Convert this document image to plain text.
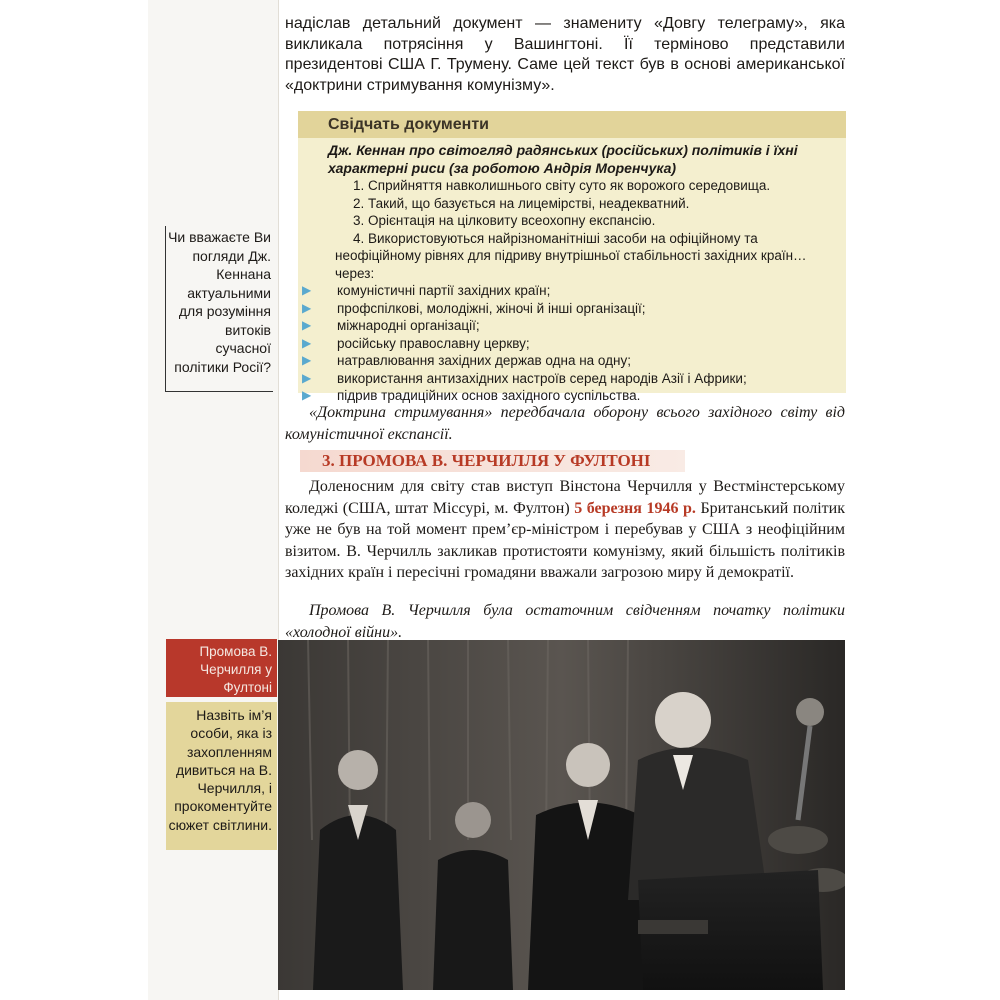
надіслав детальний документ — знамениту «Довгу телеграму», яка викликала потрясіння у Вашингтоні. Її терміново представили президентові США Г. Трумену. Саме цей текст був в основі американської «доктрини стримування комунізму».

Свідчать документи
Дж. Кеннан про світогляд радянських (російських) політиків і їхні характерні риси (за роботою Андрія Моренчука)
1. Сприйняття навколишнього світу суто як ворожого середовища.
2. Такий, що базується на лицемірстві, неадекватний.
3. Орієнтація на цілковиту всеохопну експансію.
4. Використовуються найрізноманітніші засоби на офіційному та неофіційному рівнях для підриву внутрішньої стабільності західних країн… через:
▶ комуністичні партії західних країн;
▶ профспілкові, молодіжні, жіночі й інші організації;
▶ міжнародні організації;
▶ російську православну церкву;
▶ натравлювання західних держав одна на одну;
▶ використання антизахідних настроїв серед народів Азії і Африки;
▶ підрив традиційних основ західного суспільства.

«Доктрина стримування» передбачала оборону всього західного світу від комуністичної експансії.

3. ПРОМОВА В. ЧЕРЧИЛЛЯ У ФУЛТОНІ

Доленосним для світу став виступ Вінстона Черчилля у Вестмінстерському коледжі (США, штат Міссурі, м. Фултон) 5 березня 1946 р. Британський політик уже не був на той момент прем’єр-міністром і перебував у США з неофіційним візитом. В. Черчилль закликав протистояти комунізму, який більшість політиків західних країн і пересічні громадяни вважали загрозою миру й демократії.

Промова В. Черчилля була остаточним свідченням початку політики «холодної війни».

Чи вважаєте Ви погляди Дж. Кеннана актуальними для розуміння витоків сучасної політики Росії?
Промова В. Черчилля у Фултоні
Назвіть ім’я особи, яка із захопленням дивиться на В. Черчилля, і прокоментуйте сюжет світлини.
